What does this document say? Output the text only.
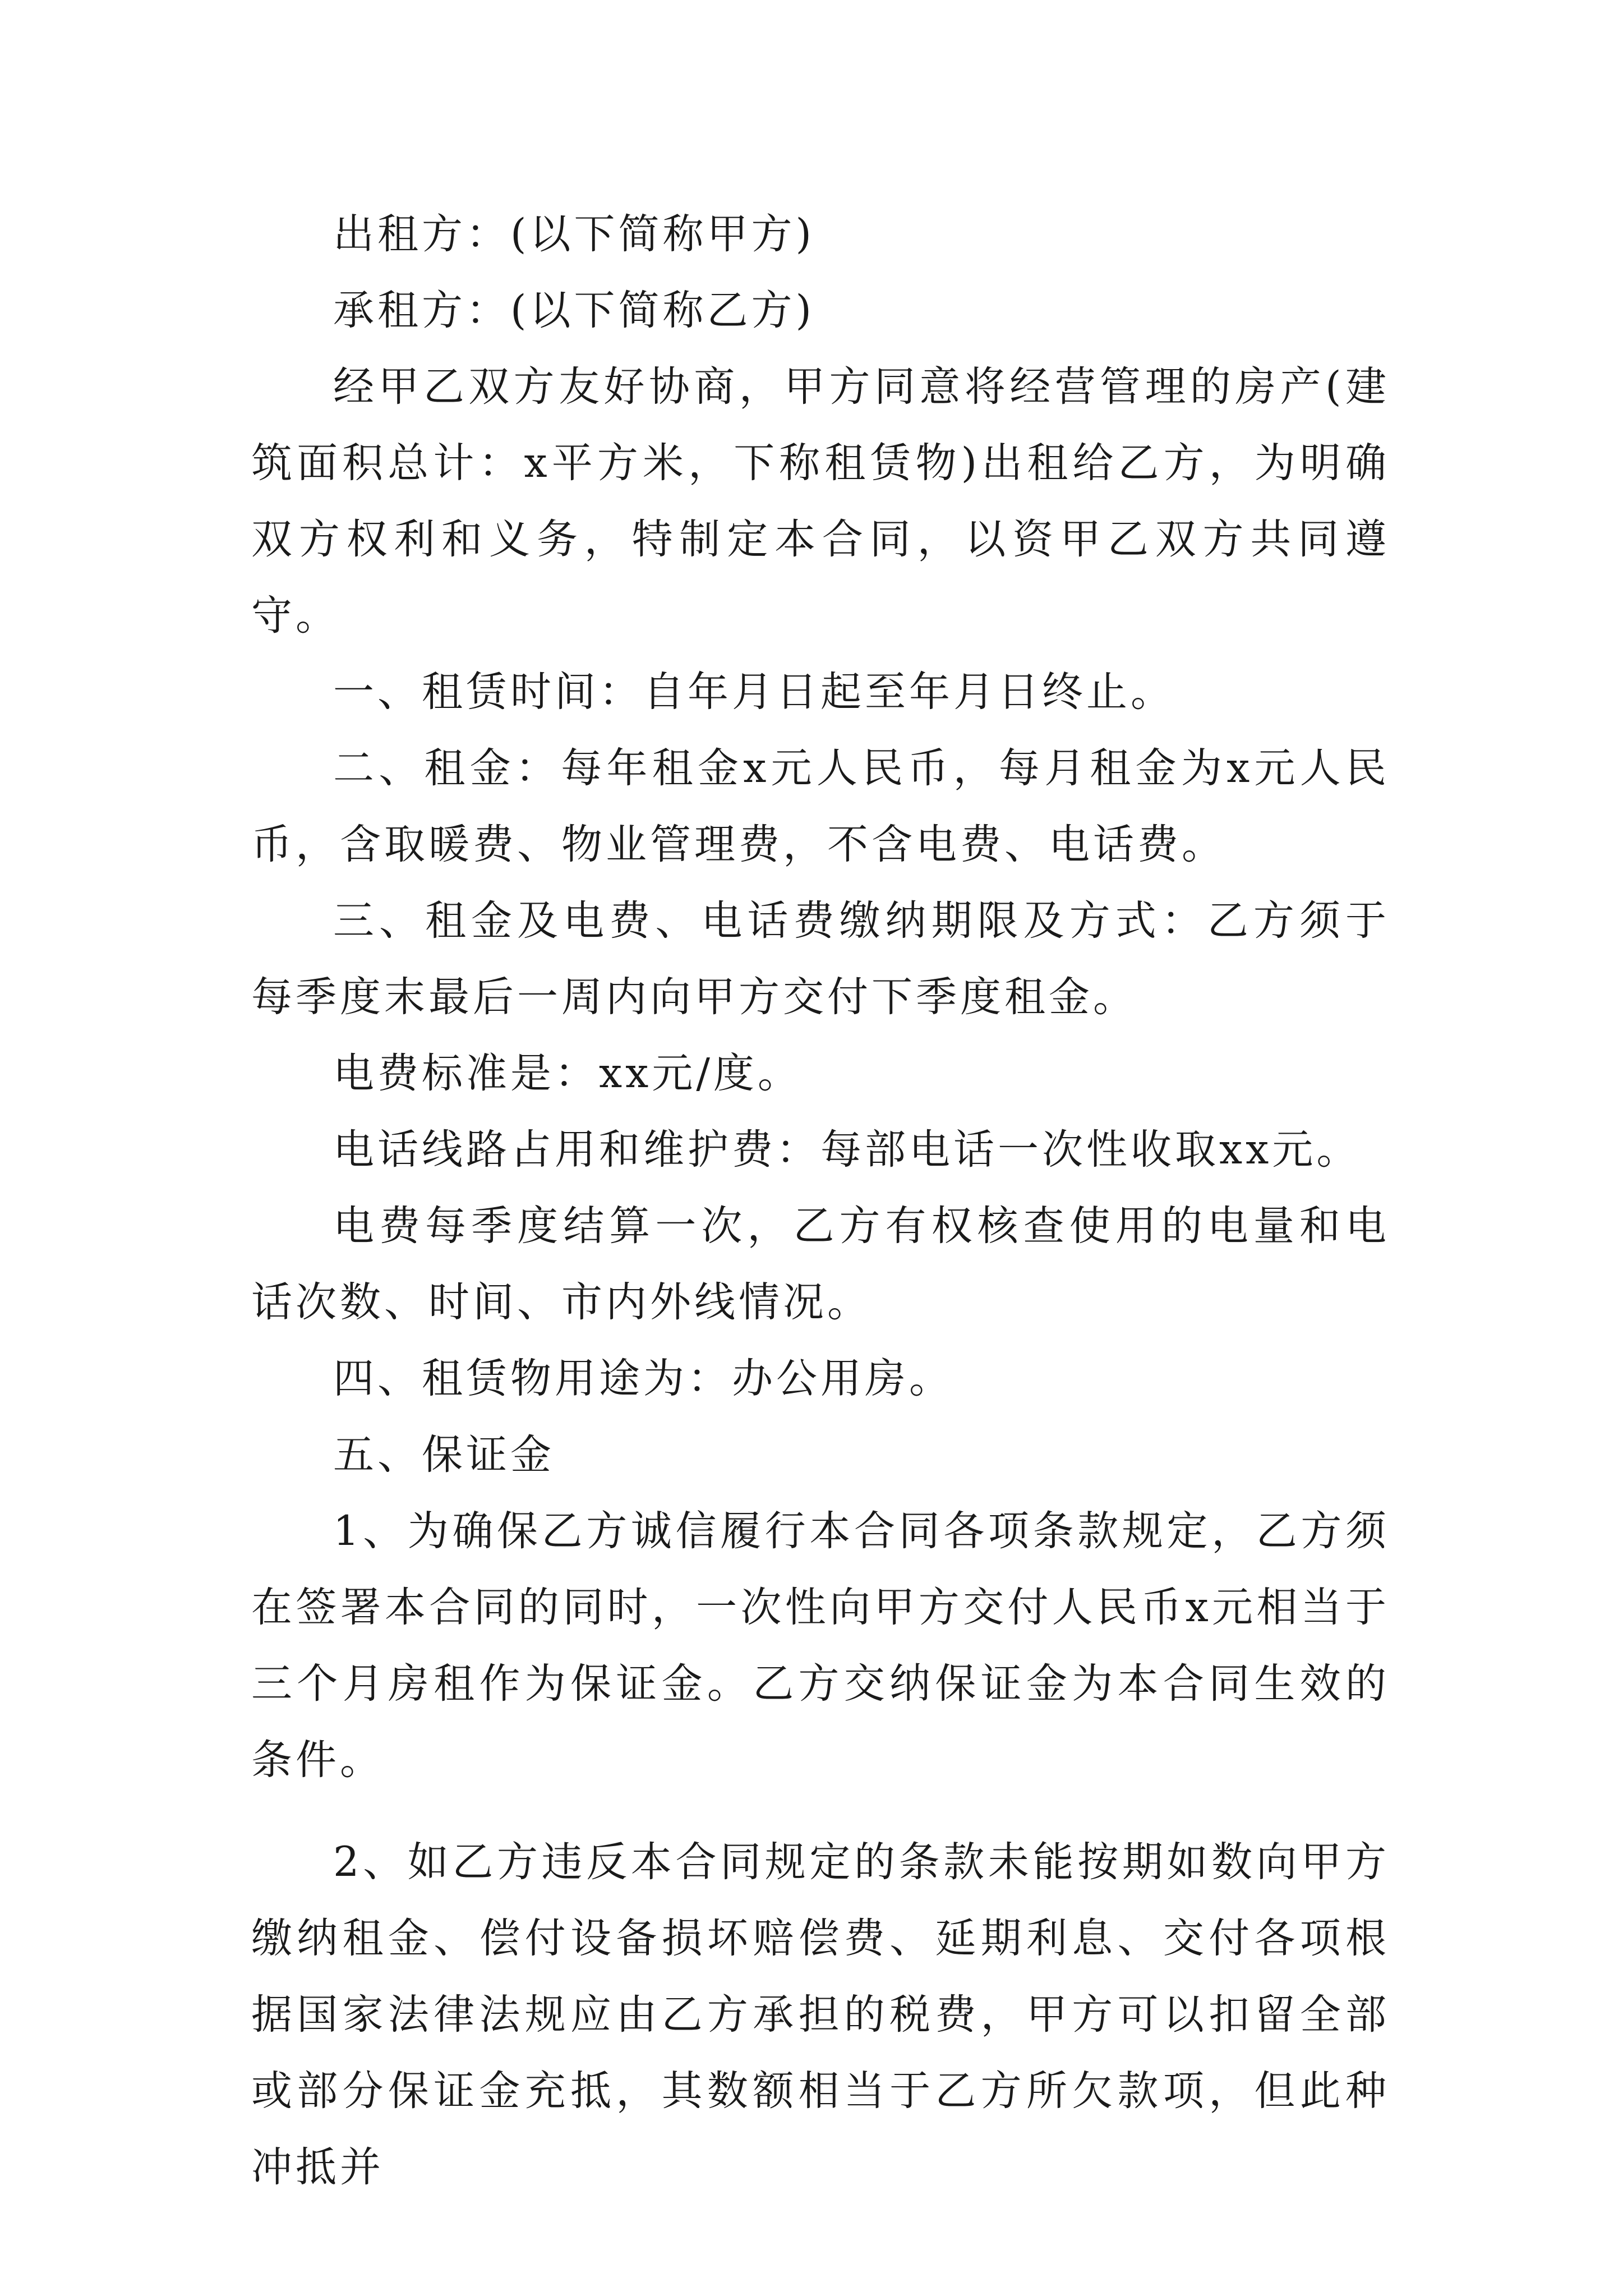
出租方：(以下简称甲方)

承租方：(以下简称乙方)

经甲乙双方友好协商，甲方同意将经营管理的房产(建筑面积总计：x平方米，下称租赁物)出租给乙方，为明确双方权利和义务，特制定本合同，以资甲乙双方共同遵守。

一、租赁时间：自年月日起至年月日终止。

二、租金：每年租金x元人民币，每月租金为x元人民币，含取暖费、物业管理费，不含电费、电话费。

三、租金及电费、电话费缴纳期限及方式：乙方须于每季度末最后一周内向甲方交付下季度租金。

电费标准是：xx元/度。

电话线路占用和维护费：每部电话一次性收取xx元。

电费每季度结算一次，乙方有权核查使用的电量和电话次数、时间、市内外线情况。

四、租赁物用途为：办公用房。

五、保证金

1、为确保乙方诚信履行本合同各项条款规定，乙方须在签署本合同的同时，一次性向甲方交付人民币x元相当于三个月房租作为保证金。乙方交纳保证金为本合同生效的条件。

2、如乙方违反本合同规定的条款未能按期如数向甲方缴纳租金、偿付设备损坏赔偿费、延期利息、交付各项根据国家法律法规应由乙方承担的税费，甲方可以扣留全部或部分保证金充抵，其数额相当于乙方所欠款项，但此种冲抵并
